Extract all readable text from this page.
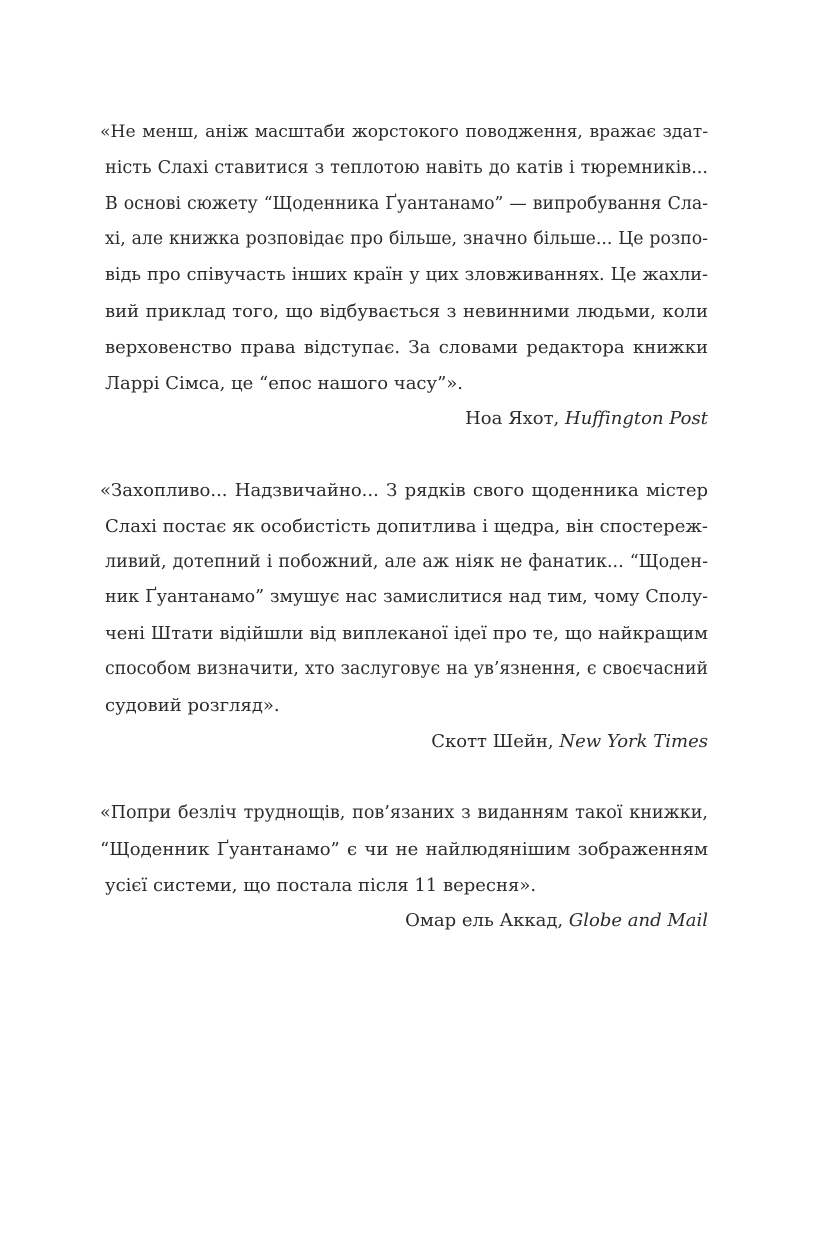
«Не менш, аніж масштаби жорстокого поводження, вражає здат-
ність Слахі ставитися з теплотою навіть до катів і тюремників...
В основі сюжету “Щоденника Ґуантанамо” — випробування Сла-
хі, але книжка розповідає про більше, значно більше... Це розпо-
відь про співучасть інших країн у цих зловживаннях. Це жахли-
вий приклад того, що відбувається з невинними людьми, коли
верховенство права відступає. За словами редактора книжки
Ларрі Сімса, це “епос нашого часу”».
Ноа Яхот, Huffington Post
«Захопливо... Надзвичайно... З рядків свого щоденника містер
Слахі постає як особистість допитлива і щедра, він спостереж-
ливий, дотепний і побожний, але аж ніяк не фанатик... “Щоден-
ник Ґуантанамо” змушує нас замислитися над тим, чому Сполу-
чені Штати відійшли від виплеканої ідеї про те, що найкращим
способом визначити, хто заслуговує на ув’язнення, є своєчасний
судовий розгляд».
Скотт Шейн, New York Times
«Попри безліч труднощів, пов’язаних з виданням такої книжки,
“Щоденник Ґуантанамо” є чи не найлюдянішим зображенням
усієї системи, що постала після 11 вересня».
Омар ель Аккад, Globe and Mail
